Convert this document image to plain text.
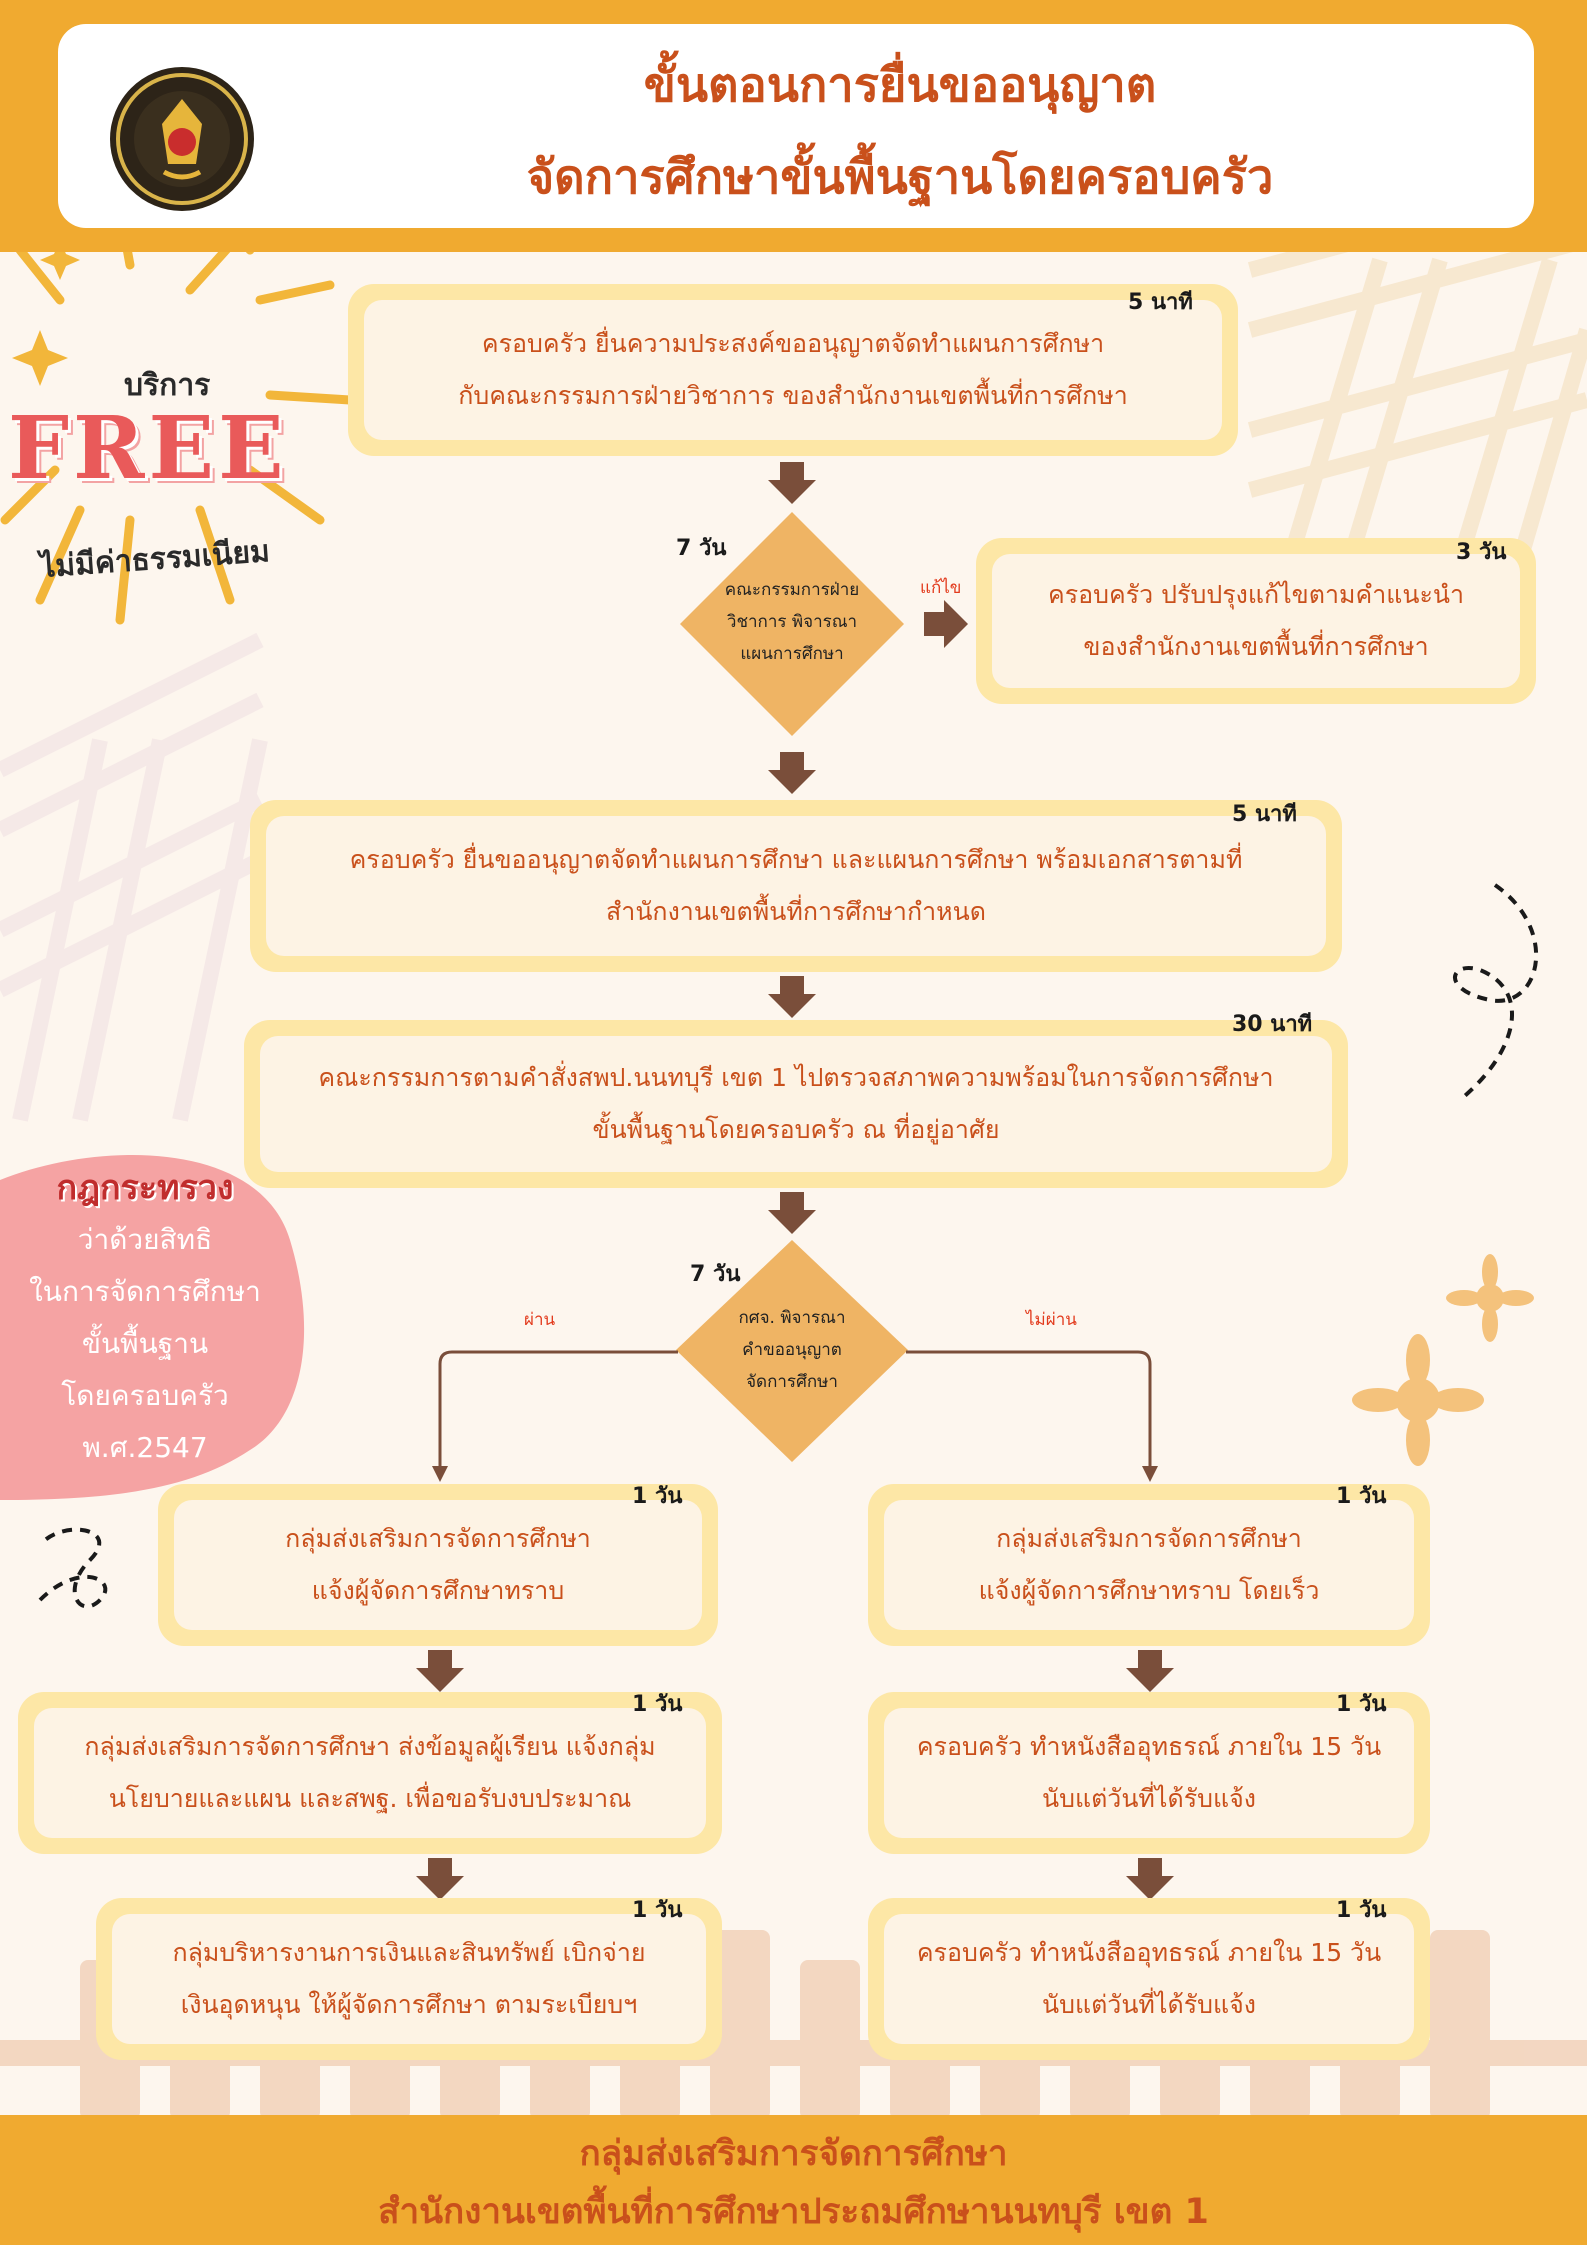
ขั้นตอนการยื่นขออนุญาต
จัดการศึกษาขั้นพื้นฐานโดยครอบครัว
บริการ
FREE
ไม่มีค่าธรรมเนียม
กฎกระทรวง
ว่าด้วยสิทธิ
ในการจัดการศึกษา
ขั้นพื้นฐาน
โดยครอบครัว
พ.ศ.2547
7 วัน
คณะกรรมการฝ่าย
วิชาการ พิจารณา
แผนการศึกษา
แก้ไข
7 วัน
กศจ. พิจารณา
คำขออนุญาต
จัดการศึกษา
ผ่าน	ไม่ผ่าน
ครอบครัว ยื่นความประสงค์ขออนุญาตจัดทำแผนการศึกษา
กับคณะกรรมการฝ่ายวิชาการ ของสำนักงานเขตพื้นที่การศึกษา
5 นาที
ครอบครัว ปรับปรุงแก้ไขตามคำแนะนำ
ของสำนักงานเขตพื้นที่การศึกษา
3 วัน
ครอบครัว ยื่นขออนุญาตจัดทำแผนการศึกษา และแผนการศึกษา พร้อมเอกสารตามที่
สำนักงานเขตพื้นที่การศึกษากำหนด
5 นาที
คณะกรรมการตามคำสั่งสพป.นนทบุรี เขต 1 ไปตรวจสภาพความพร้อมในการจัดการศึกษา
ขั้นพื้นฐานโดยครอบครัว ณ ที่อยู่อาศัย
30 นาที
กลุ่มส่งเสริมการจัดการศึกษา
แจ้งผู้จัดการศึกษาทราบ
1 วัน
กลุ่มส่งเสริมการจัดการศึกษา ส่งข้อมูลผู้เรียน แจ้งกลุ่ม
นโยบายและแผน และสพฐ. เพื่อขอรับงบประมาณ
1 วัน
กลุ่มบริหารงานการเงินและสินทรัพย์ เบิกจ่าย
เงินอุดหนุน ให้ผู้จัดการศึกษา ตามระเบียบฯ
1 วัน
กลุ่มส่งเสริมการจัดการศึกษา
แจ้งผู้จัดการศึกษาทราบ โดยเร็ว
1 วัน
ครอบครัว ทำหนังสืออุทธรณ์ ภายใน 15 วัน
นับแต่วันที่ได้รับแจ้ง
1 วัน
ครอบครัว ทำหนังสืออุทธรณ์ ภายใน 15 วัน
นับแต่วันที่ได้รับแจ้ง
1 วัน
กลุ่มส่งเสริมการจัดการศึกษา
สำนักงานเขตพื้นที่การศึกษาประถมศึกษานนทบุรี เขต 1
